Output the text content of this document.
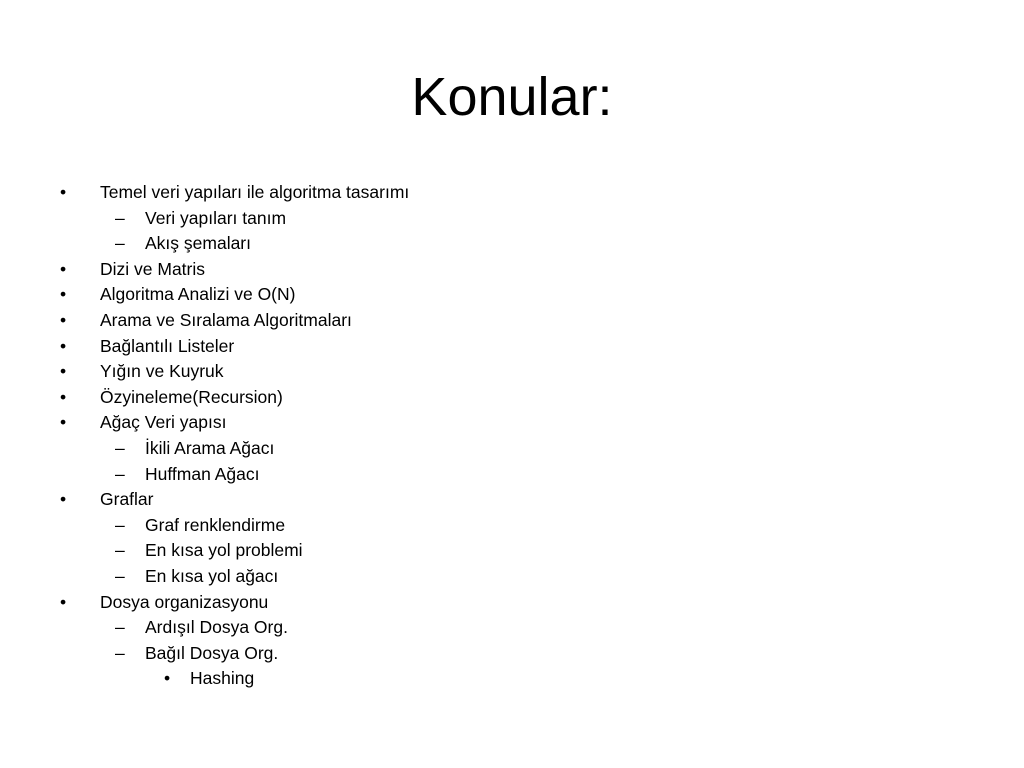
Konular:
• Temel veri yapıları ile algoritma tasarımı
– Veri yapıları tanım
– Akış şemaları
• Dizi ve Matris
• Algoritma Analizi ve O(N)
• Arama ve Sıralama Algoritmaları
• Bağlantılı Listeler
• Yığın ve Kuyruk
• Özyineleme(Recursion)
• Ağaç Veri yapısı
– İkili Arama Ağacı
– Huffman Ağacı
• Graflar
– Graf renklendirme
– En kısa yol problemi
– En kısa yol ağacı
• Dosya organizasyonu
– Ardışıl Dosya Org.
– Bağıl Dosya Org.
• Hashing
